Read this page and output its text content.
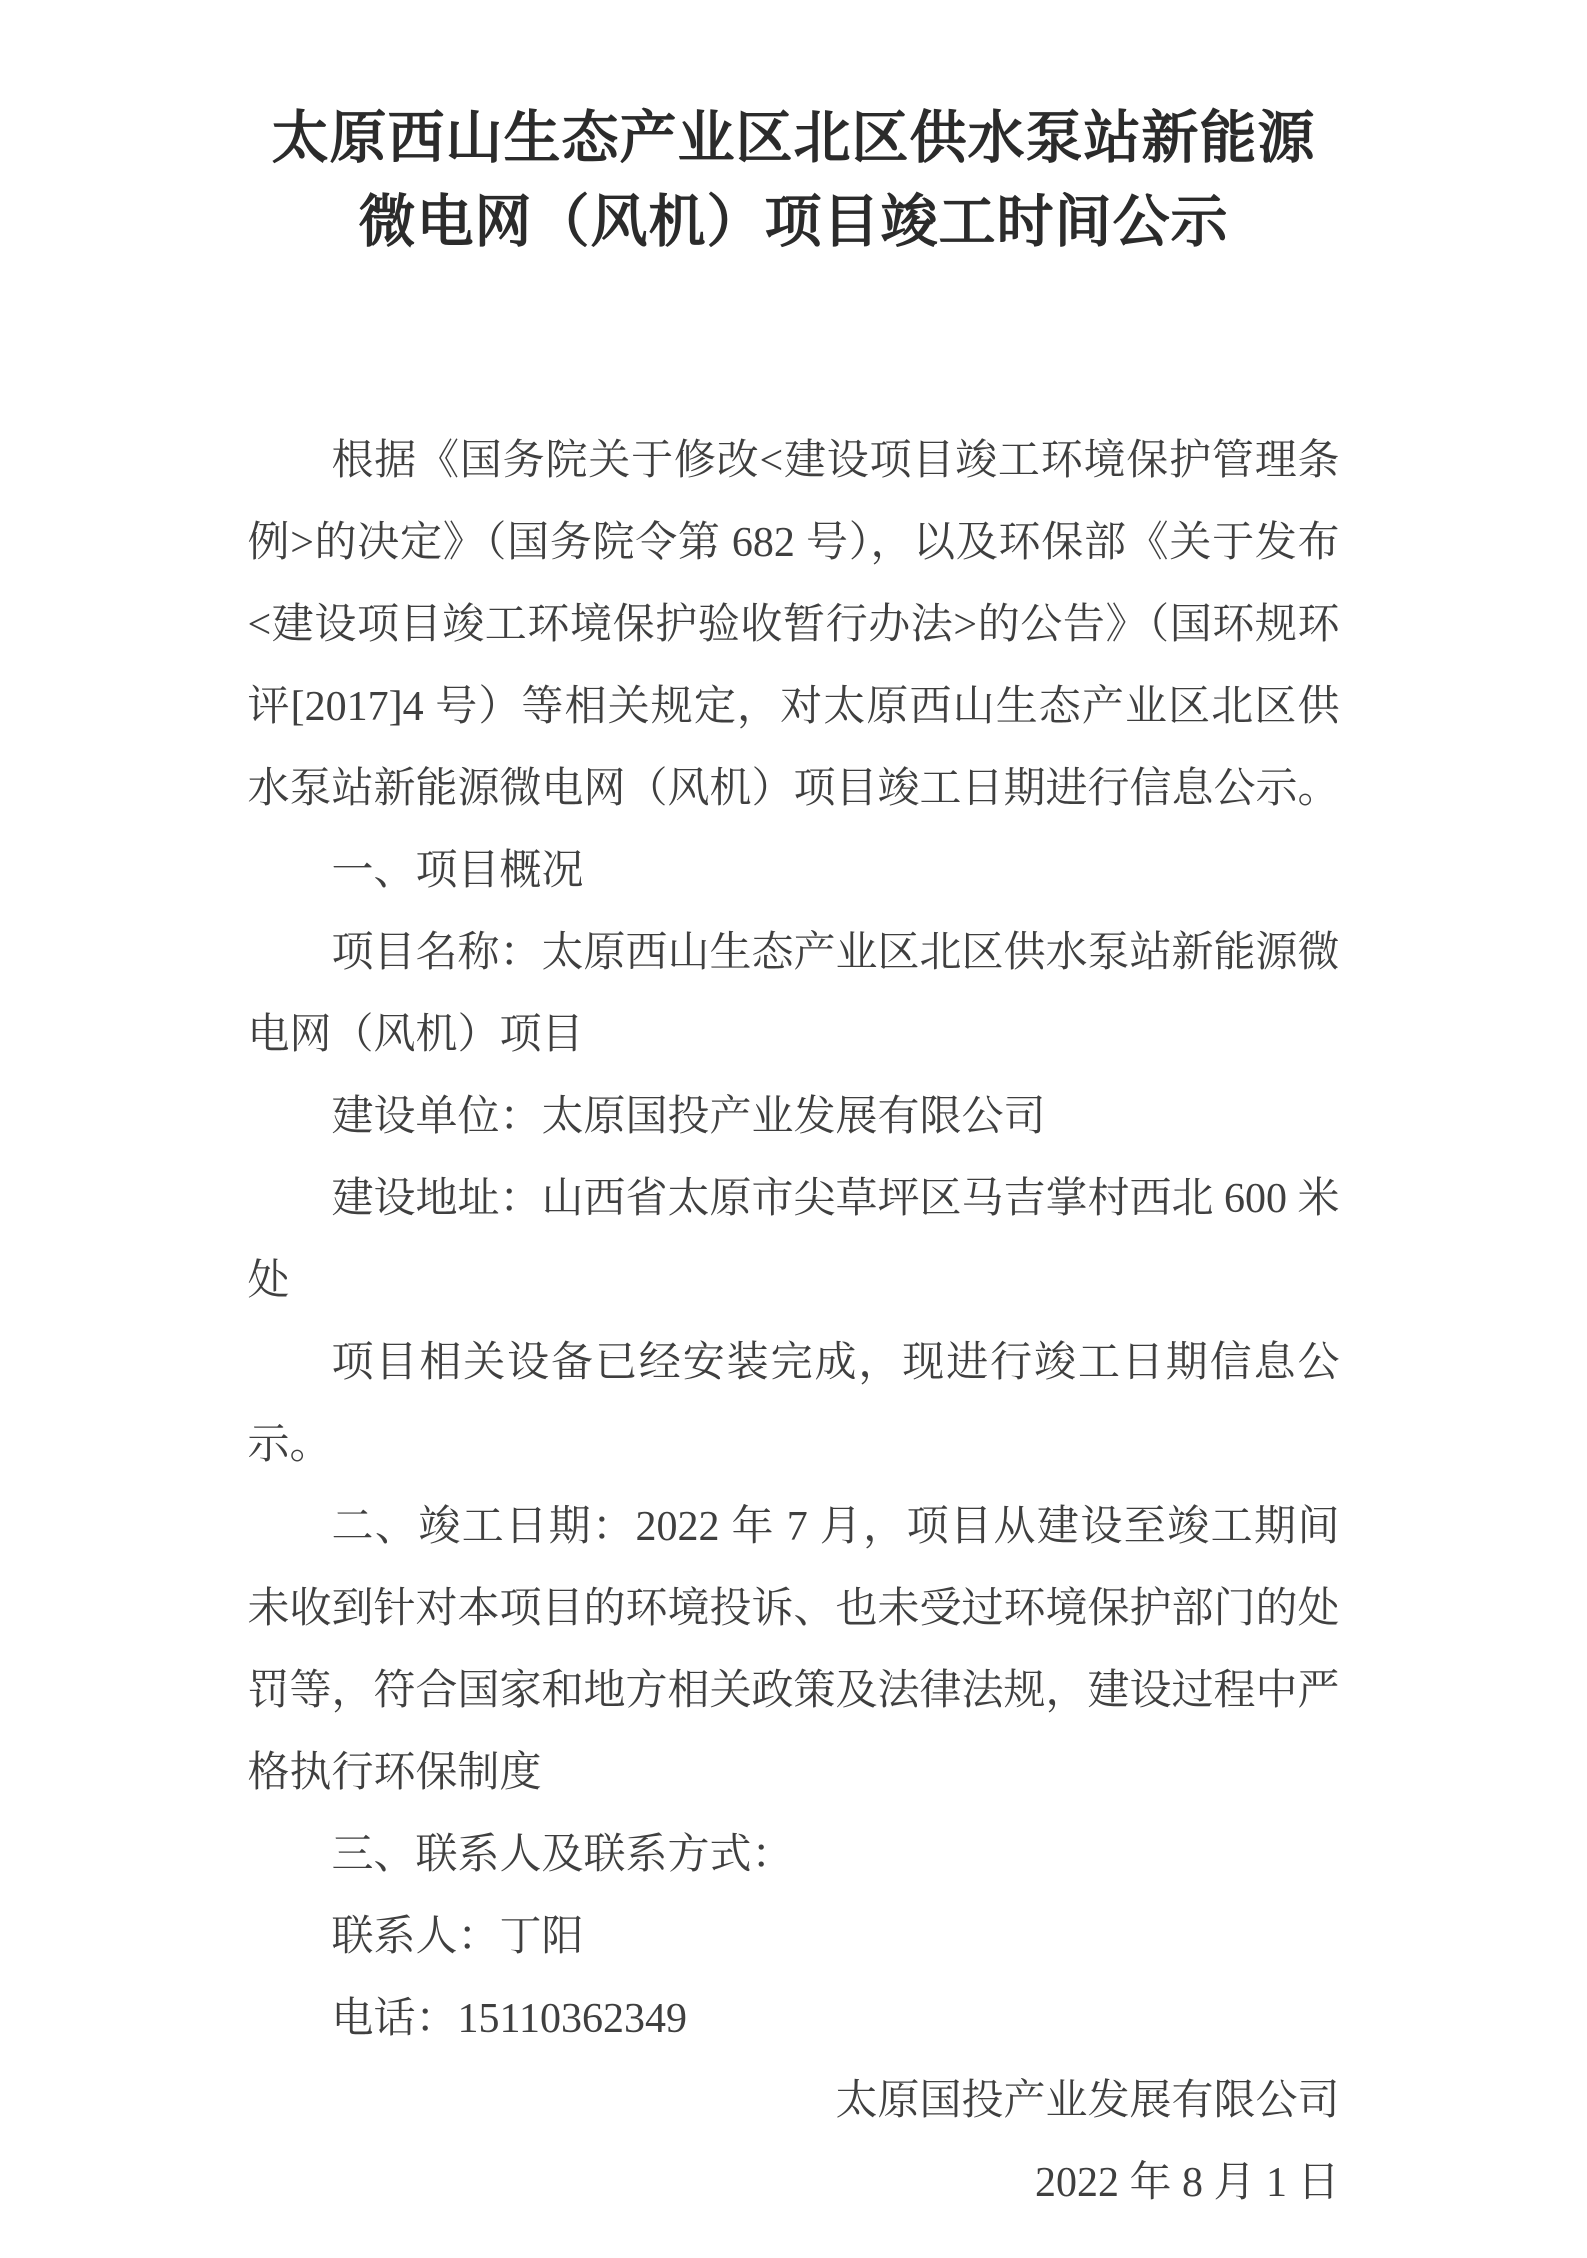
太原西山生态产业区北区供水泵站新能源
微电网（风机）项目竣工时间公示

根据《国务院关于修改<建设项目竣工环境保护管理条例>的决定》（国务院令第 682 号），以及环保部《关于发布<建设项目竣工环境保护验收暂行办法>的公告》（国环规环评[2017]4 号）等相关规定，对太原西山生态产业区北区供水泵站新能源微电网（风机）项目竣工日期进行信息公示。

一、项目概况

项目名称：太原西山生态产业区北区供水泵站新能源微电网（风机）项目

建设单位：太原国投产业发展有限公司

建设地址：山西省太原市尖草坪区马吉掌村西北 600 米处

项目相关设备已经安装完成，现进行竣工日期信息公示。

二、竣工日期：2022 年 7 月，项目从建设至竣工期间未收到针对本项目的环境投诉、也未受过环境保护部门的处罚等，符合国家和地方相关政策及法律法规，建设过程中严格执行环保制度

三、联系人及联系方式：

联系人：丁阳

电话：15110362349

太原国投产业发展有限公司
2022 年 8 月 1 日
